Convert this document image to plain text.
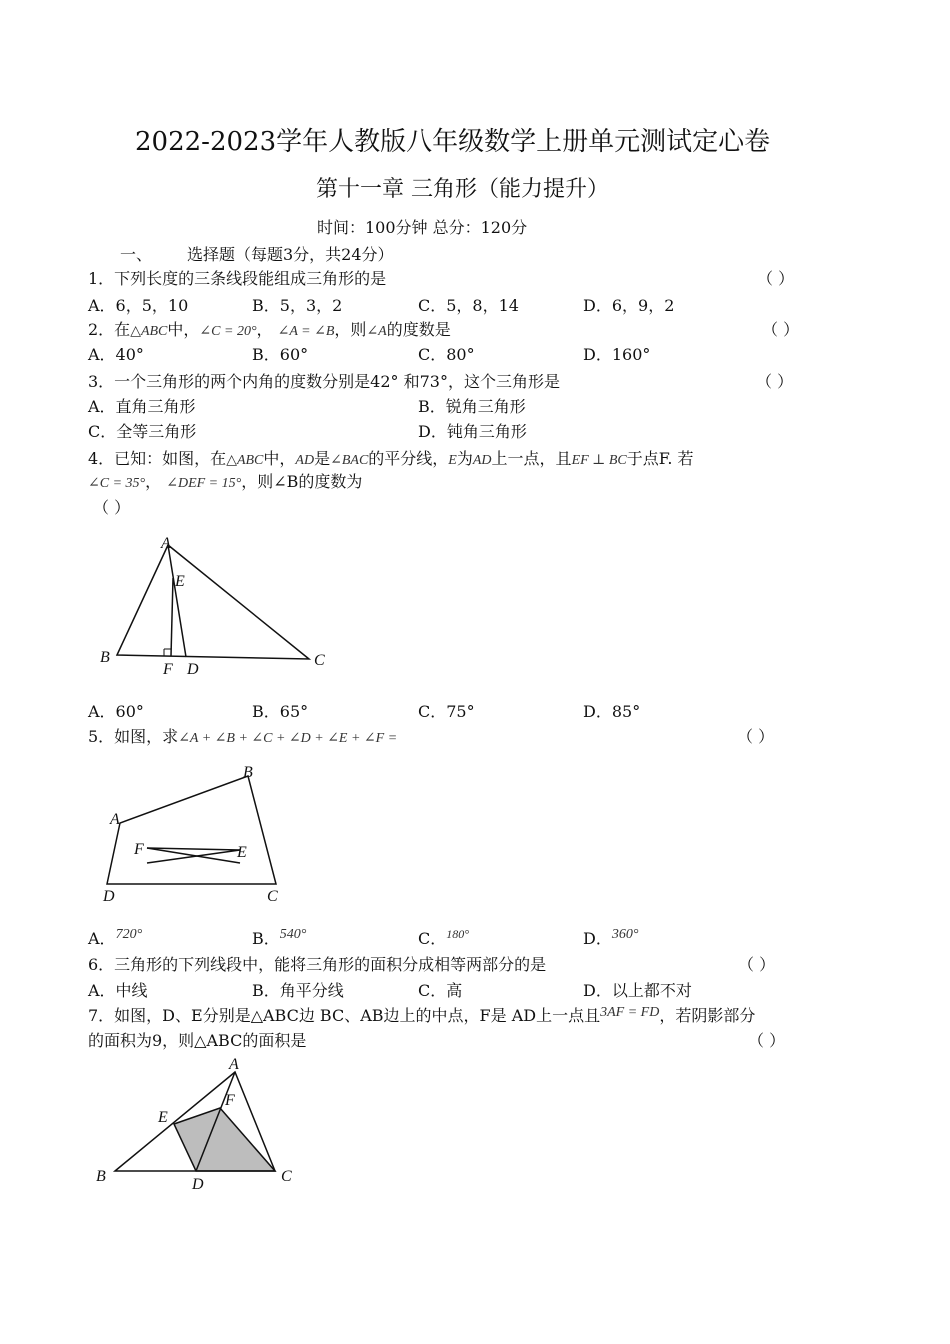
2022-2023学年人教版八年级数学上册单元测试定心卷
第十一章 三角形（能力提升）
时间：100分钟 总分：120分
一、 选择题（每题3分，共24分）
1．下列长度的三条线段能组成三角形的是	（ ）
A．6，5，10	B．5，3，2	C．5，8，14	D．6，9，2
2．在△ABC中，∠C = 20°， ∠A = ∠B，则∠A的度数是	（ ）
A．40°	B．60°	C．80°	D．160°
3．一个三角形的两个内角的度数分别是42° 和73°，这个三角形是	（ ）
A．直角三角形	B．锐角三角形
C．全等三角形	D．钝角三角形
4．已知：如图，在△ABC中，AD是∠BAC的平分线，E为AD上一点，且EF ⊥ BC于点F. 若
∠C = 35°， ∠DEF = 15°，则∠B的度数为
（ ）
A
E
B
F D
C
A．60°	B．65°	C．75°	D．85°
5．如图，求∠A + ∠B + ∠C + ∠D + ∠E + ∠F =	（ ）
B
A
F	E
D	C
A．720°	B．540°	C．$^{180^\circ}$	D．360°
6．三角形的下列线段中，能将三角形的面积分成相等两部分的是	（ ）
A．中线	B．角平分线	C．高	D．以上都不对
7．如图，D、E分别是△ABC边 BC、AB边上的中点，F是 AD上一点且3AF = FD，若阴影部分
的面积为9，则△ABC的面积是	（ ）
A
F
E
B	D	C
